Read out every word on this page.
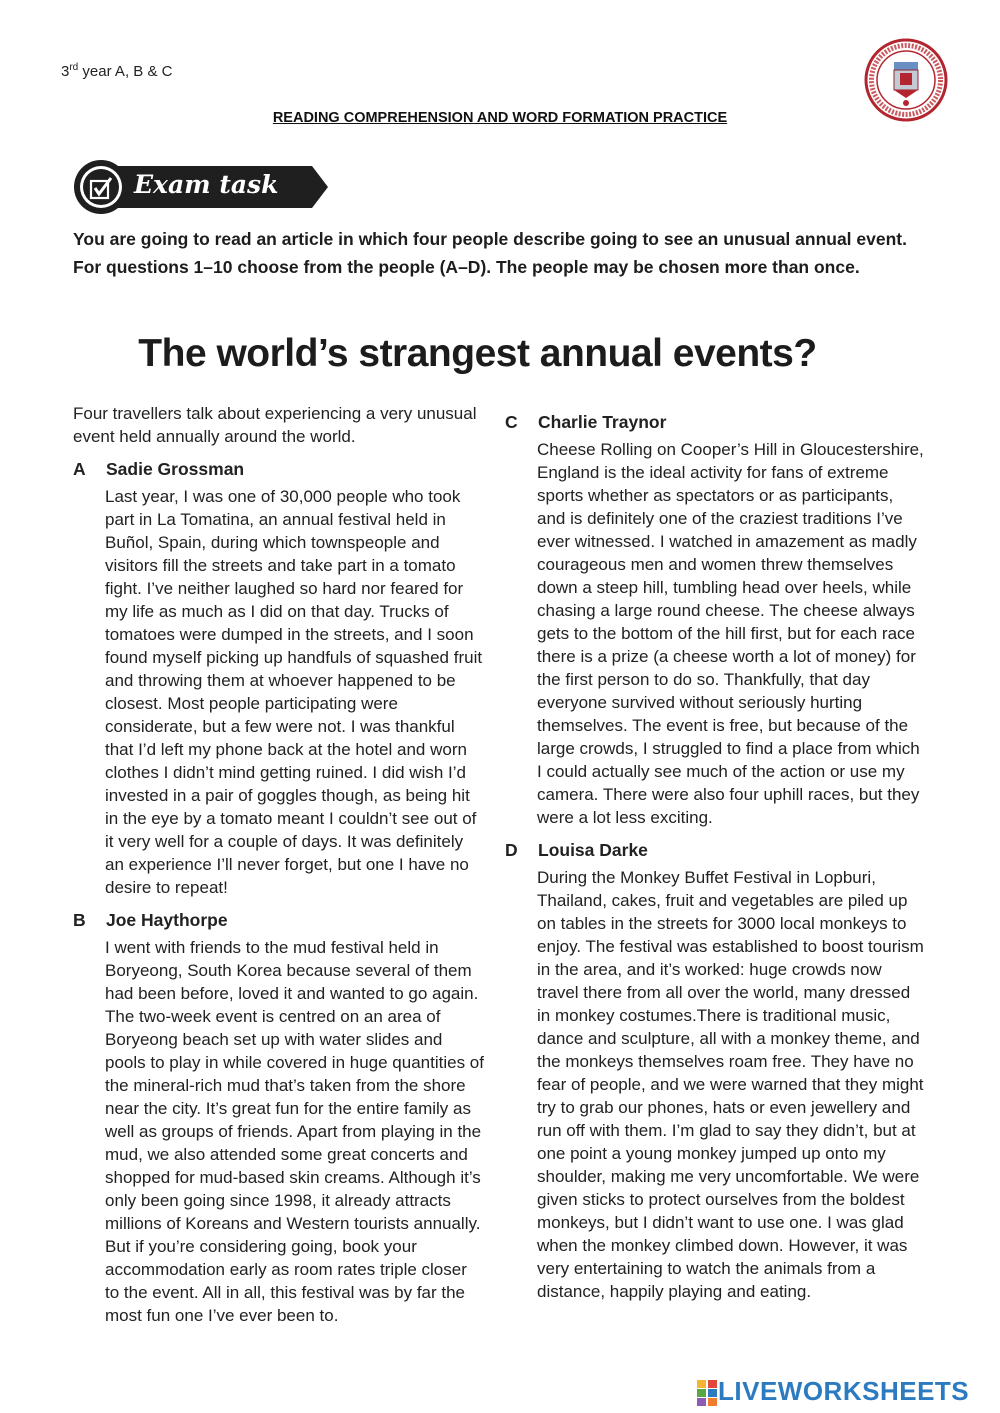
3rd year A, B & C
READING COMPREHENSION AND WORD FORMATION PRACTICE
Exam task
You are going to read an article in which four people describe going to see an unusual annual event. For questions 1–10 choose from the people (A–D). The people may be chosen more than once.
The world’s strangest annual events?

Four travellers talk about experiencing a very unusual event held annually around the world.

A Sadie Grossman

Last year, I was one of 30,000 people who took part in La Tomatina, an annual festival held in Buñol, Spain, during which townspeople and visitors fill the streets and take part in a tomato fight. I’ve neither laughed so hard nor feared for my life as much as I did on that day. Trucks of tomatoes were dumped in the streets, and I soon found myself picking up handfuls of squashed fruit and throwing them at whoever happened to be closest. Most people participating were considerate, but a few were not. I was thankful that I’d left my phone back at the hotel and worn clothes I didn’t mind getting ruined. I did wish I’d invested in a pair of goggles though, as being hit in the eye by a tomato meant I couldn’t see out of it very well for a couple of days. It was definitely an experience I’ll never forget, but one I have no desire to repeat!

B Joe Haythorpe

I went with friends to the mud festival held in Boryeong, South Korea because several of them had been before, loved it and wanted to go again. The two-week event is centred on an area of Boryeong beach set up with water slides and pools to play in while covered in huge quantities of the mineral-rich mud that’s taken from the shore near the city. It’s great fun for the entire family as well as groups of friends. Apart from playing in the mud, we also attended some great concerts and shopped for mud-based skin creams. Although it’s only been going since 1998, it already attracts millions of Koreans and Western tourists annually. But if you’re considering going, book your accommodation early as room rates triple closer to the event. All in all, this festival was by far the most fun one I’ve ever been to.

C Charlie Traynor

Cheese Rolling on Cooper’s Hill in Gloucestershire, England is the ideal activity for fans of extreme sports whether as spectators or as participants, and is definitely one of the craziest traditions I’ve ever witnessed. I watched in amazement as madly courageous men and women threw themselves down a steep hill, tumbling head over heels, while chasing a large round cheese. The cheese always gets to the bottom of the hill first, but for each race there is a prize (a cheese worth a lot of money) for the first person to do so. Thankfully, that day everyone survived without seriously hurting themselves. The event is free, but because of the large crowds, I struggled to find a place from which I could actually see much of the action or use my camera. There were also four uphill races, but they were a lot less exciting.

D Louisa Darke

During the Monkey Buffet Festival in Lopburi, Thailand, cakes, fruit and vegetables are piled up on tables in the streets for 3000 local monkeys to enjoy. The festival was established to boost tourism in the area, and it’s worked: huge crowds now travel there from all over the world, many dressed in monkey costumes.There is traditional music, dance and sculpture, all with a monkey theme, and the monkeys themselves roam free. They have no fear of people, and we were warned that they might try to grab our phones, hats or even jewellery and run off with them. I’m glad to say they didn’t, but at one point a young monkey jumped up onto my shoulder, making me very uncomfortable. We were given sticks to protect ourselves from the boldest monkeys, but I didn’t want to use one. I was glad when the monkey climbed down. However, it was very entertaining to watch the animals from a distance, happily playing and eating.

LIVEWORKSHEETS
